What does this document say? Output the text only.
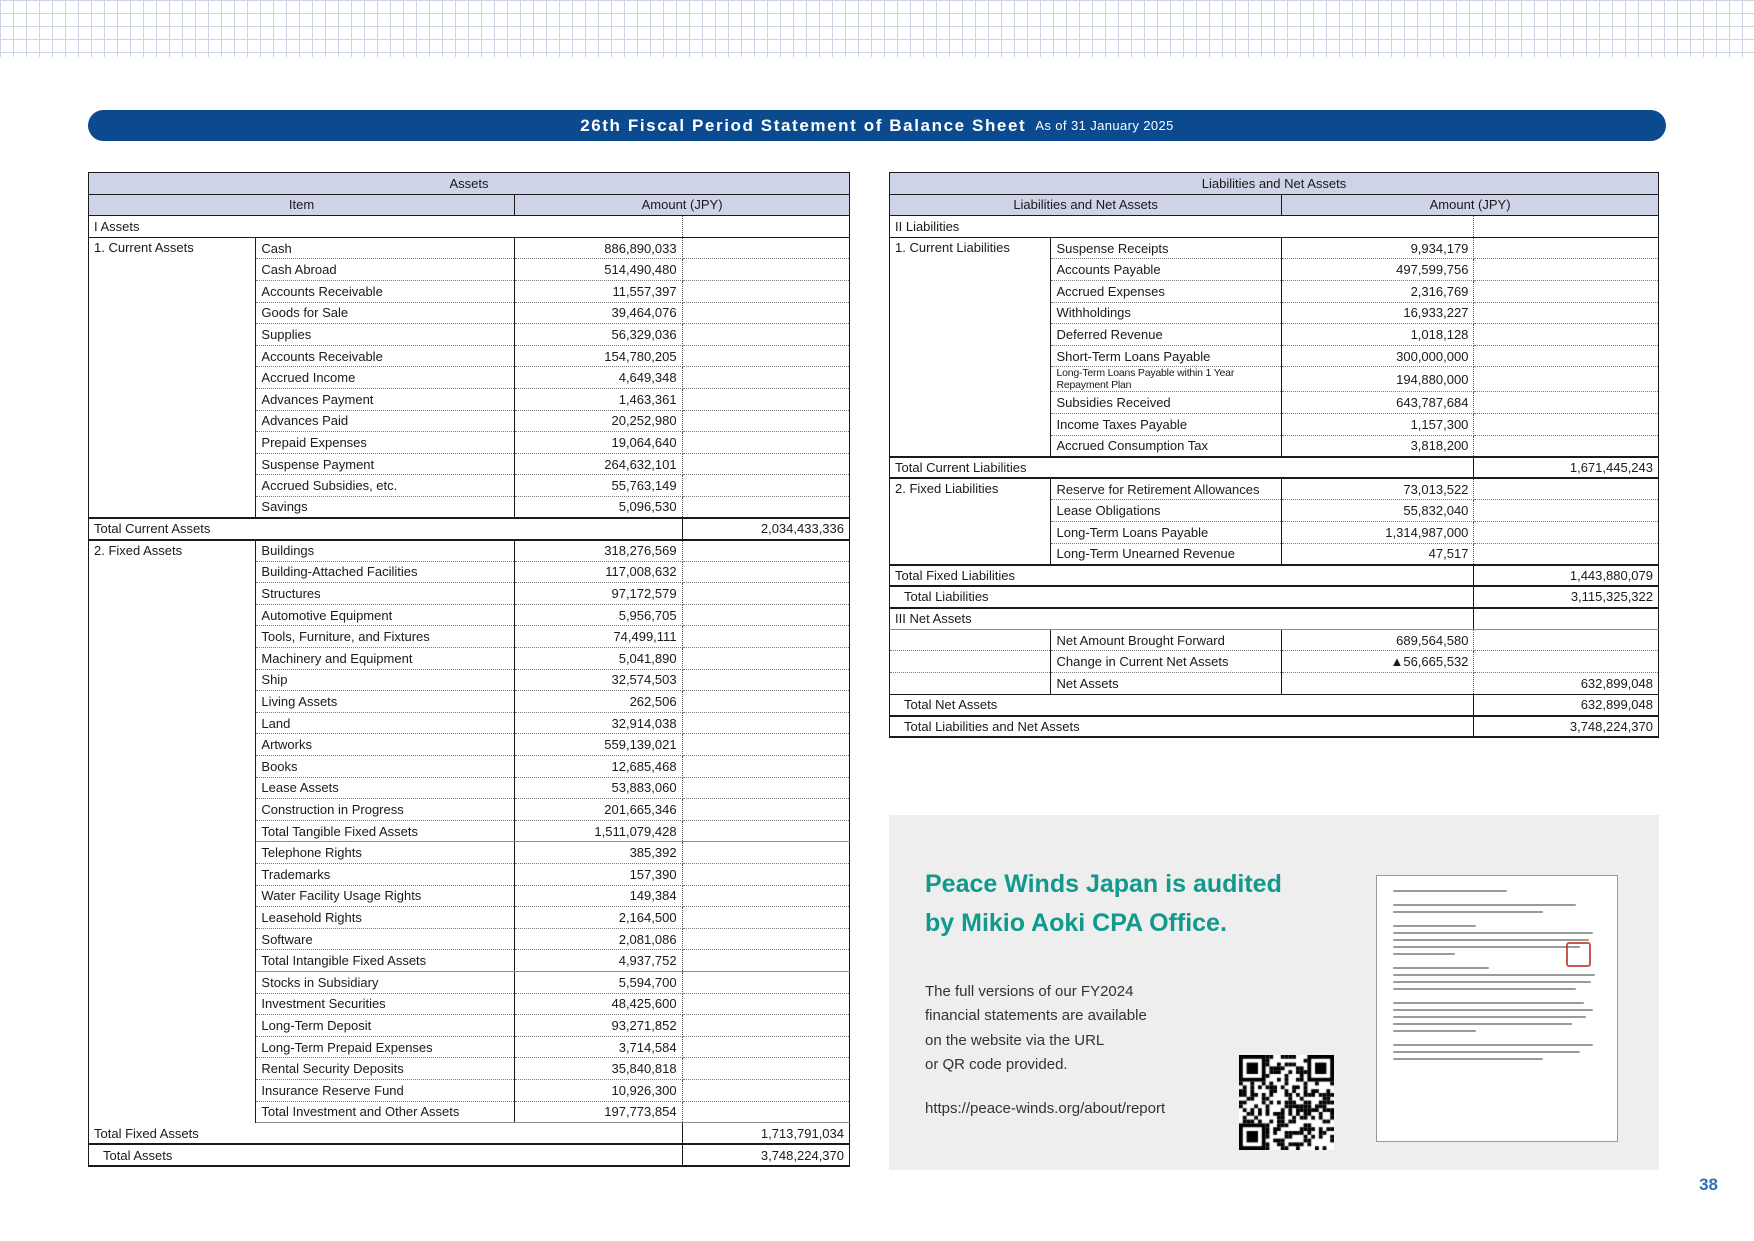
26th Fiscal Period Statement of Balance Sheet As of 31 January 2025
Assets			
Item		Amount (JPY)	
I Assets			
1. Current Assets	Cash	886,890,033	
	Cash Abroad	514,490,480	
	Accounts Receivable	11,557,397	
	Goods for Sale	39,464,076	
	Supplies	56,329,036	
	Accounts Receivable	154,780,205	
	Accrued Income	4,649,348	
	Advances Payment	1,463,361	
	Advances Paid	20,252,980	
	Prepaid Expenses	19,064,640	
	Suspense Payment	264,632,101	
	Accrued Subsidies, etc.	55,763,149	
	Savings	5,096,530	
Total Current Assets			2,034,433,336
2. Fixed Assets	Buildings	318,276,569	
	Building-Attached Facilities	117,008,632	
	Structures	97,172,579	
	Automotive Equipment	5,956,705	
	Tools, Furniture, and Fixtures	74,499,111	
	Machinery and Equipment	5,041,890	
	Ship	32,574,503	
	Living Assets	262,506	
	Land	32,914,038	
	Artworks	559,139,021	
	Books	12,685,468	
	Lease Assets	53,883,060	
	Construction in Progress	201,665,346	
	Total Tangible Fixed Assets	1,511,079,428	
	Telephone Rights	385,392	
	Trademarks	157,390	
	Water Facility Usage Rights	149,384	
	Leasehold Rights	2,164,500	
	Software	2,081,086	
	Total Intangible Fixed Assets	4,937,752	
	Stocks in Subsidiary	5,594,700	
	Investment Securities	48,425,600	
	Long-Term Deposit	93,271,852	
	Long-Term Prepaid Expenses	3,714,584	
	Rental Security Deposits	35,840,818	
	Insurance Reserve Fund	10,926,300	
	Total Investment and Other Assets	197,773,854	
Total Fixed Assets			1,713,791,034
Total Assets			3,748,224,370
Liabilities and Net Assets			
Liabilities and Net Assets		Amount (JPY)	
II Liabilities			
1. Current Liabilities	Suspense Receipts	9,934,179	
	Accounts Payable	497,599,756	
	Accrued Expenses	2,316,769	
	Withholdings	16,933,227	
	Deferred Revenue	1,018,128	
	Short-Term Loans Payable	300,000,000	
	Long-Term Loans Payable within 1 Year Repayment Plan	194,880,000	
	Subsidies Received	643,787,684	
	Income Taxes Payable	1,157,300	
	Accrued Consumption Tax	3,818,200	
Total Current Liabilities			1,671,445,243
2. Fixed Liabilities	Reserve for Retirement Allowances	73,013,522	
	Lease Obligations	55,832,040	
	Long-Term Loans Payable	1,314,987,000	
	Long-Term Unearned Revenue	47,517	
Total Fixed Liabilities			1,443,880,079
Total Liabilities			3,115,325,322
III Net Assets			
	Net Amount Brought Forward	689,564,580	
	Change in Current Net Assets	▲56,665,532	
	Net Assets		632,899,048
Total Net Assets			632,899,048
Total Liabilities and Net Assets			3,748,224,370
Peace Winds Japan is audited
by Mikio Aoki CPA Office.
The full versions of our FY2024
financial statements are available
on the website via the URL
or QR code provided.
https://peace-winds.org/about/report
38
